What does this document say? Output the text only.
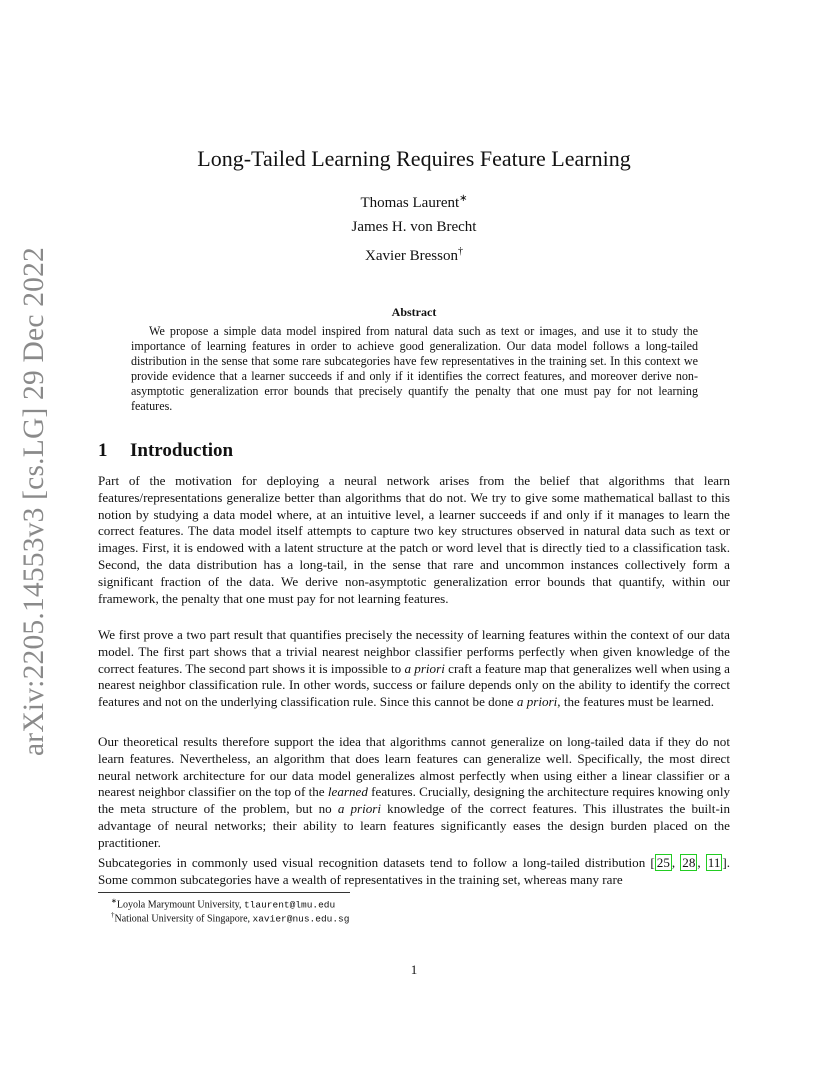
arXiv:2205.14553v3 [cs.LG] 29 Dec 2022
Long-Tailed Learning Requires Feature Learning
Thomas Laurent∗
James H. von Brecht
Xavier Bresson†
Abstract

We propose a simple data model inspired from natural data such as text or images, and use it to study the importance of learning features in order to achieve good generalization. Our data model follows a long-tailed distribution in the sense that some rare subcategories have few representatives in the training set. In this context we provide evidence that a learner succeeds if and only if it identifies the correct features, and moreover derive non-asymptotic generalization error bounds that precisely quantify the penalty that one must pay for not learning features.

1 Introduction

Part of the motivation for deploying a neural network arises from the belief that algorithms that learn features/representations generalize better than algorithms that do not. We try to give some mathematical ballast to this notion by studying a data model where, at an intuitive level, a learner succeeds if and only if it manages to learn the correct features. The data model itself attempts to capture two key structures observed in natural data such as text or images. First, it is endowed with a latent structure at the patch or word level that is directly tied to a classification task. Second, the data distribution has a long-tail, in the sense that rare and uncommon instances collectively form a significant fraction of the data. We derive non-asymptotic generalization error bounds that quantify, within our framework, the penalty that one must pay for not learning features.

We first prove a two part result that quantifies precisely the necessity of learning features within the context of our data model. The first part shows that a trivial nearest neighbor classifier performs perfectly when given knowledge of the correct features. The second part shows it is impossible to a priori craft a feature map that generalizes well when using a nearest neighbor classification rule. In other words, success or failure depends only on the ability to identify the correct features and not on the underlying classification rule. Since this cannot be done a priori, the features must be learned.

Our theoretical results therefore support the idea that algorithms cannot generalize on long-tailed data if they do not learn features. Nevertheless, an algorithm that does learn features can generalize well. Specifically, the most direct neural network architecture for our data model generalizes almost perfectly when using either a linear classifier or a nearest neighbor classifier on the top of the learned features. Crucially, designing the architecture requires knowing only the meta structure of the problem, but no a priori knowledge of the correct features. This illustrates the built-in advantage of neural networks; their ability to learn features significantly eases the design burden placed on the practitioner.

Subcategories in commonly used visual recognition datasets tend to follow a long-tailed distribution [ 25 , 28 , 11 ]. Some common subcategories have a wealth of representatives in the training set, whereas many rare

∗Loyola Marymount University, tlaurent@lmu.edu
†National University of Singapore, xavier@nus.edu.sg
1
